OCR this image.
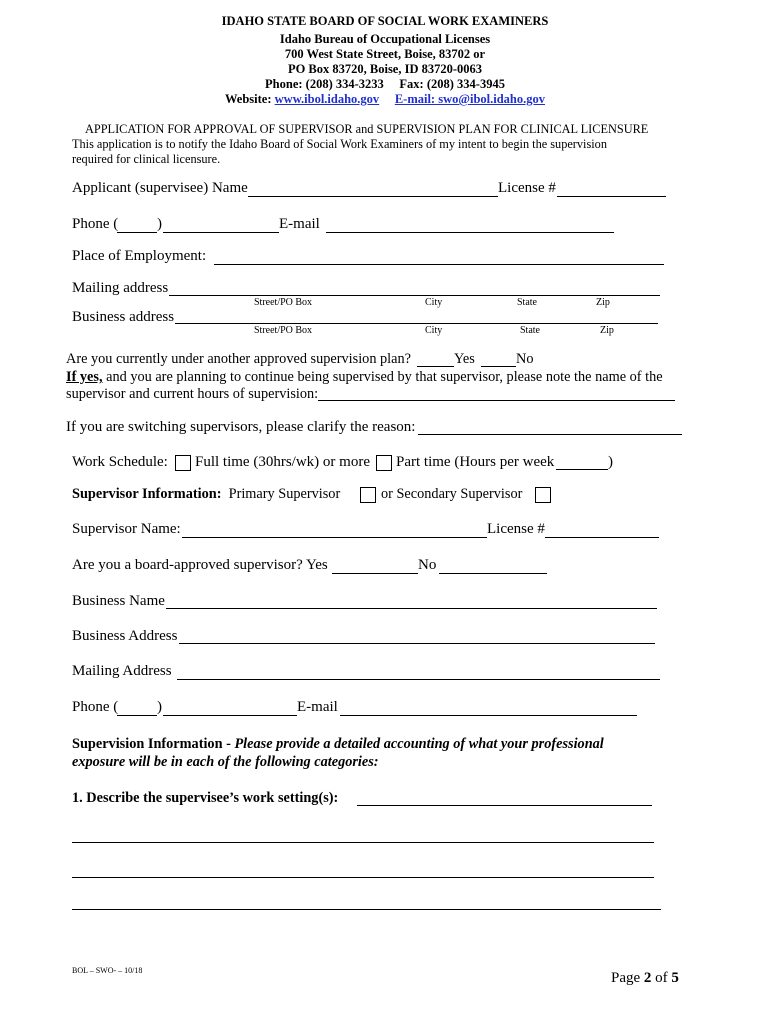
IDAHO STATE BOARD OF SOCIAL WORK EXAMINERS
Idaho Bureau of Occupational Licenses
700 West State Street, Boise, 83702 or
PO Box 83720, Boise, ID 83720-0063
Phone: (208) 334-3233     Fax: (208) 334-3945
Website: www.ibol.idaho.gov E-mail: swo@ibol.idaho.gov
APPLICATION FOR APPROVAL OF SUPERVISOR and SUPERVISION PLAN FOR CLINICAL LICENSURE
This application is to notify the Idaho Board of Social Work Examiners of my intent to begin the supervision
required for clinical licensure.
Applicant (supervisee) Name	License #
Phone (	)	E-mail
Place of Employment:
Mailing address
Street/PO Box	City	State	Zip
Business address
Street/PO Box	City	State	Zip
Are you currently under another approved supervision plan?	Yes	No
If yes, and you are planning to continue being supervised by that supervisor, please note the name of the
supervisor and current hours of supervision:
If you are switching supervisors, please clarify the reason:
Work Schedule: Full time (30hrs/wk) or more Part time (Hours per week	)
Supervisor Information: Primary Supervisor	or Secondary Supervisor
Supervisor Name:	License #
Are you a board-approved supervisor? Yes	No
Business Name
Business Address
Mailing Address
Phone (	)	E-mail
Supervision Information - Please provide a detailed accounting of what your professional
exposure will be in each of the following categories:
1. Describe the supervisee’s work setting(s):
BOL – SWO- – 10/18	Page 2 of 5
